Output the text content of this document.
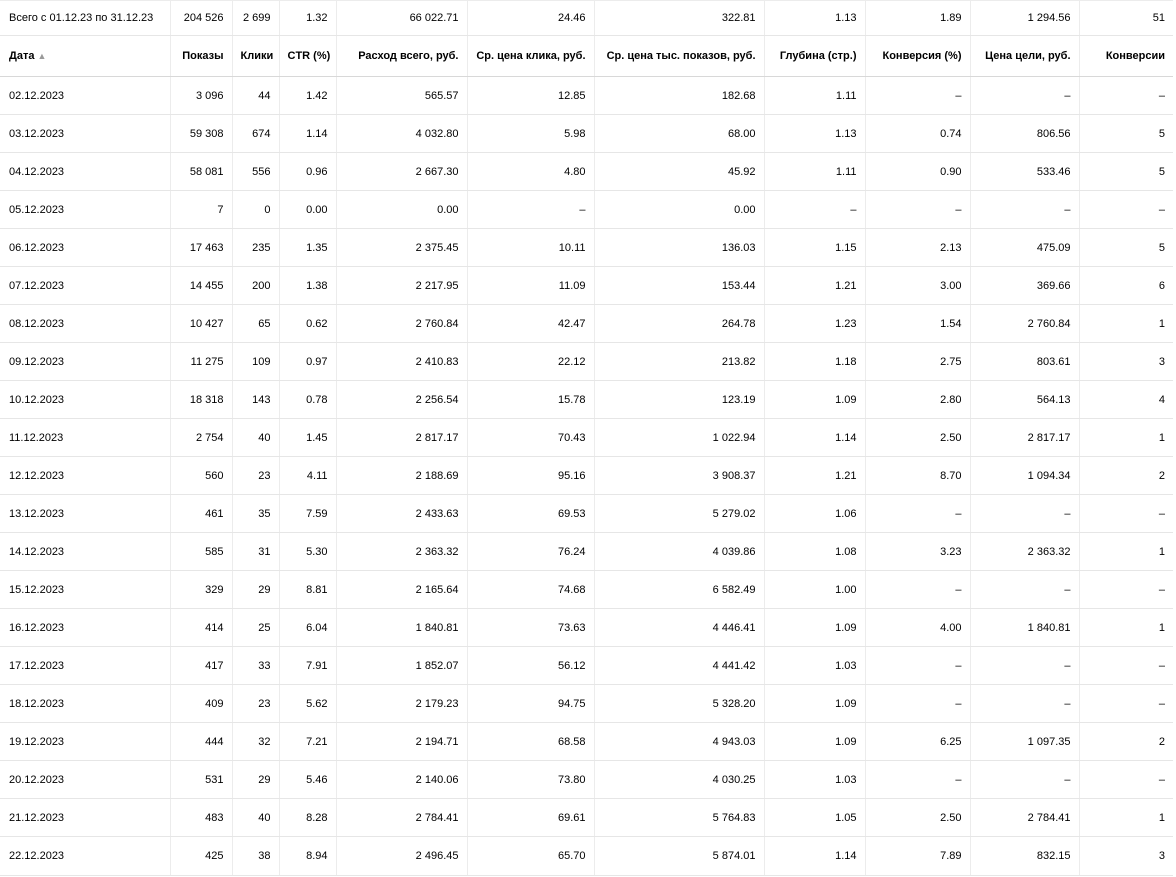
Всего с 01.12.23 по 31.12.23	204 526	2 699	1.32	66 022.71	24.46	322.81	1.13	1.89	1 294.56	51
Дата ▲	Показы	Клики	CTR (%)	Расход всего, руб.	Ср. цена клика, руб.	Ср. цена тыс. показов, руб.	Глубина (стр.)	Конверсия (%)	Цена цели, руб.	Конверсии
02.12.2023	3 096	44	1.42	565.57	12.85	182.68	1.11	–	–	–
03.12.2023	59 308	674	1.14	4 032.80	5.98	68.00	1.13	0.74	806.56	5
04.12.2023	58 081	556	0.96	2 667.30	4.80	45.92	1.11	0.90	533.46	5
05.12.2023	7	0	0.00	0.00	–	0.00	–	–	–	–
06.12.2023	17 463	235	1.35	2 375.45	10.11	136.03	1.15	2.13	475.09	5
07.12.2023	14 455	200	1.38	2 217.95	11.09	153.44	1.21	3.00	369.66	6
08.12.2023	10 427	65	0.62	2 760.84	42.47	264.78	1.23	1.54	2 760.84	1
09.12.2023	11 275	109	0.97	2 410.83	22.12	213.82	1.18	2.75	803.61	3
10.12.2023	18 318	143	0.78	2 256.54	15.78	123.19	1.09	2.80	564.13	4
11.12.2023	2 754	40	1.45	2 817.17	70.43	1 022.94	1.14	2.50	2 817.17	1
12.12.2023	560	23	4.11	2 188.69	95.16	3 908.37	1.21	8.70	1 094.34	2
13.12.2023	461	35	7.59	2 433.63	69.53	5 279.02	1.06	–	–	–
14.12.2023	585	31	5.30	2 363.32	76.24	4 039.86	1.08	3.23	2 363.32	1
15.12.2023	329	29	8.81	2 165.64	74.68	6 582.49	1.00	–	–	–
16.12.2023	414	25	6.04	1 840.81	73.63	4 446.41	1.09	4.00	1 840.81	1
17.12.2023	417	33	7.91	1 852.07	56.12	4 441.42	1.03	–	–	–
18.12.2023	409	23	5.62	2 179.23	94.75	5 328.20	1.09	–	–	–
19.12.2023	444	32	7.21	2 194.71	68.58	4 943.03	1.09	6.25	1 097.35	2
20.12.2023	531	29	5.46	2 140.06	73.80	4 030.25	1.03	–	–	–
21.12.2023	483	40	8.28	2 784.41	69.61	5 764.83	1.05	2.50	2 784.41	1
22.12.2023	425	38	8.94	2 496.45	65.70	5 874.01	1.14	7.89	832.15	3
